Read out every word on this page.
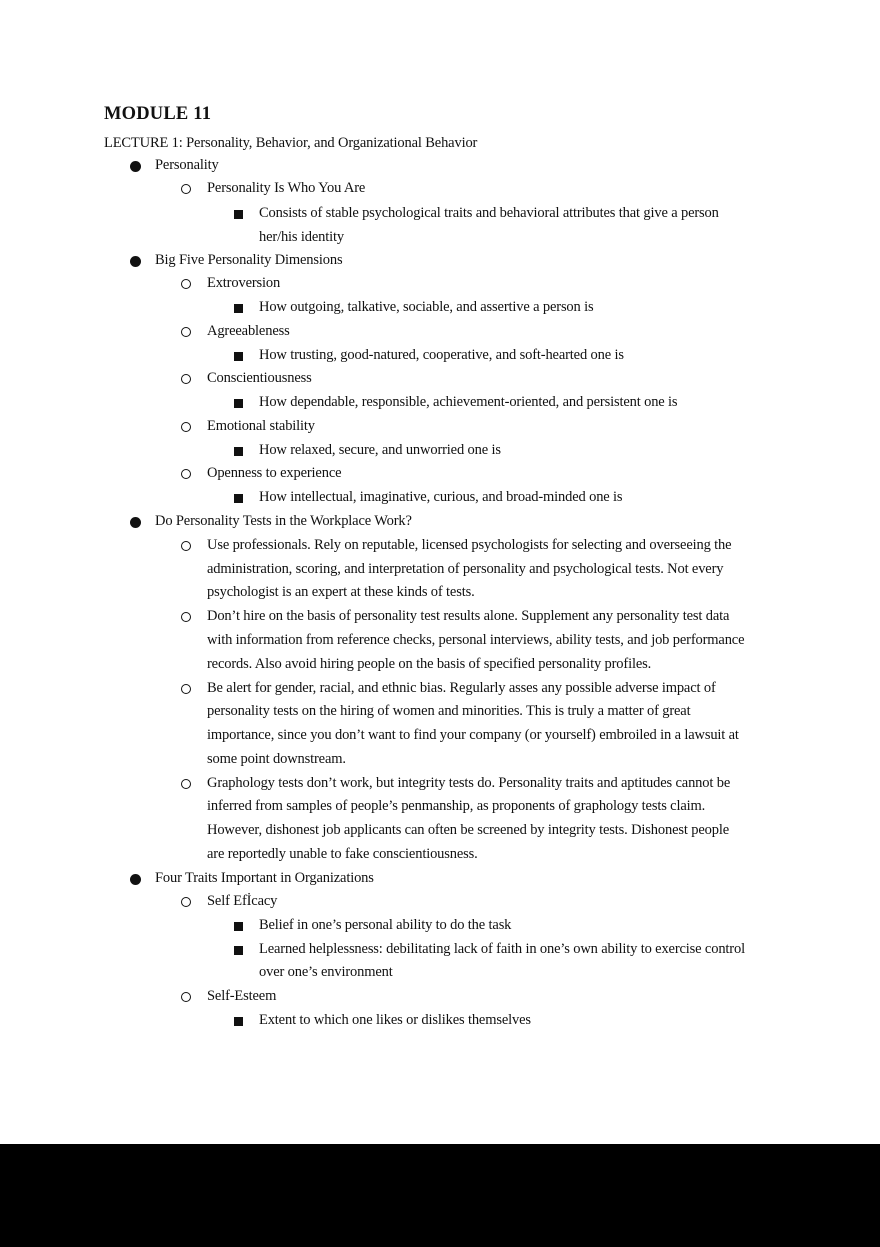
MODULE 11
LECTURE 1: Personality, Behavior, and Organizational Behavior
Personality
Personality Is Who You Are
Consists of stable psychological traits and behavioral attributes that give a person
her/his identity
Big Five Personality Dimensions
Extroversion
How outgoing, talkative, sociable, and assertive a person is
Agreeableness
How trusting, good-natured, cooperative, and soft-hearted one is
Conscientiousness
How dependable, responsible, achievement-oriented, and persistent one is
Emotional stability
How relaxed, secure, and unworried one is
Openness to experience
How intellectual, imaginative, curious, and broad-minded one is
Do Personality Tests in the Workplace Work?
Use professionals. Rely on reputable, licensed psychologists for selecting and overseeing the
administration, scoring, and interpretation of personality and psychological tests. Not every
psychologist is an expert at these kinds of tests.
Don’t hire on the basis of personality test results alone. Supplement any personality test data
with information from reference checks, personal interviews, ability tests, and job performance
records. Also avoid hiring people on the basis of specified personality profiles.
Be alert for gender, racial, and ethnic bias. Regularly asses any possible adverse impact of
personality tests on the hiring of women and minorities. This is truly a matter of great
importance, since you don’t want to find your company (or yourself) embroiled in a lawsuit at
some point downstream.
Graphology tests don’t work, but integrity tests do. Personality traits and aptitudes cannot be
inferred from samples of people’s penmanship, as proponents of graphology tests claim.
However, dishonest job applicants can often be screened by integrity tests. Dishonest people
are reportedly unable to fake conscientiousness.
Four Traits Important in Organizations
Self Efİcacy
Belief in one’s personal ability to do the task
Learned helplessness: debilitating lack of faith in one’s own ability to exercise control
over one’s environment
Self-Esteem
Extent to which one likes or dislikes themselves
